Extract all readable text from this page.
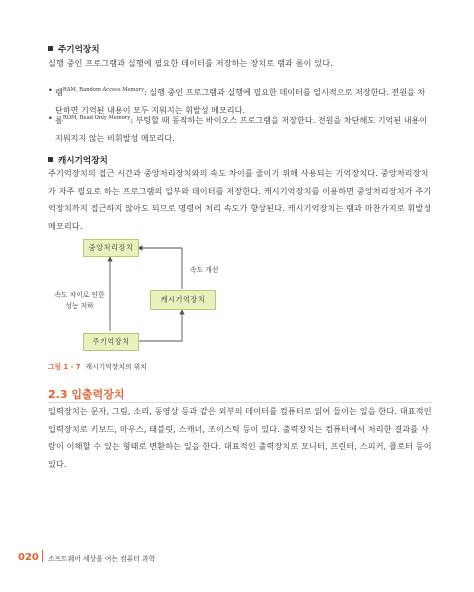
주기억장치
실행 중인 프로그램과 실행에 필요한 데이터를 저장하는 장치로 램과 롬이 있다.
• 램$^{RAM, Random Access Memory}$: 실행 중인 프로그램과 실행에 필요한 데이터를 일시적으로 저장한다. 전원을 차단하면 기억된 내용이 모두 지워지는 휘발성 메모리다.
• 롬$^{ROM, Read Only Memory}$: 부팅할 때 동작하는 바이오스 프로그램을 저장한다. 전원을 차단해도 기억된 내용이 지워지지 않는 비휘발성 메모리다.
캐시기억장치
주기억장치의 접근 시간과 중앙처리장치와의 속도 차이를 줄이기 위해 사용되는 기억장치다. 중앙처리장치가 자주 필요로 하는 프로그램의 일부와 데이터를 저장한다. 캐시기억장치를 이용하면 중앙처리장치가 주기억장치까지 접근하지 않아도 되므로 명령어 처리 속도가 향상된다. 캐시기억장치는 램과 마찬가지로 휘발성 메모리다.
중앙처리장치
캐시기억장치
주기억장치
속도 개선
속도 차이로 인한
성능 저하
그림 1 - 7 캐시기억장치의 위치
2.3 입출력장치
입력장치는 문자, 그림, 소리, 동영상 등과 같은 외부의 데이터를 컴퓨터로 읽어 들이는 일을 한다. 대표적인 입력장치로 키보드, 마우스, 태블릿, 스캐너, 조이스틱 등이 있다. 출력장치는 컴퓨터에서 처리한 결과를 사람이 이해할 수 있는 형태로 변환하는 일을 한다. 대표적인 출력장치로 모니터, 프린터, 스피커, 플로터 등이 있다.
020 소프트웨어 세상을 여는 컴퓨터 과학
